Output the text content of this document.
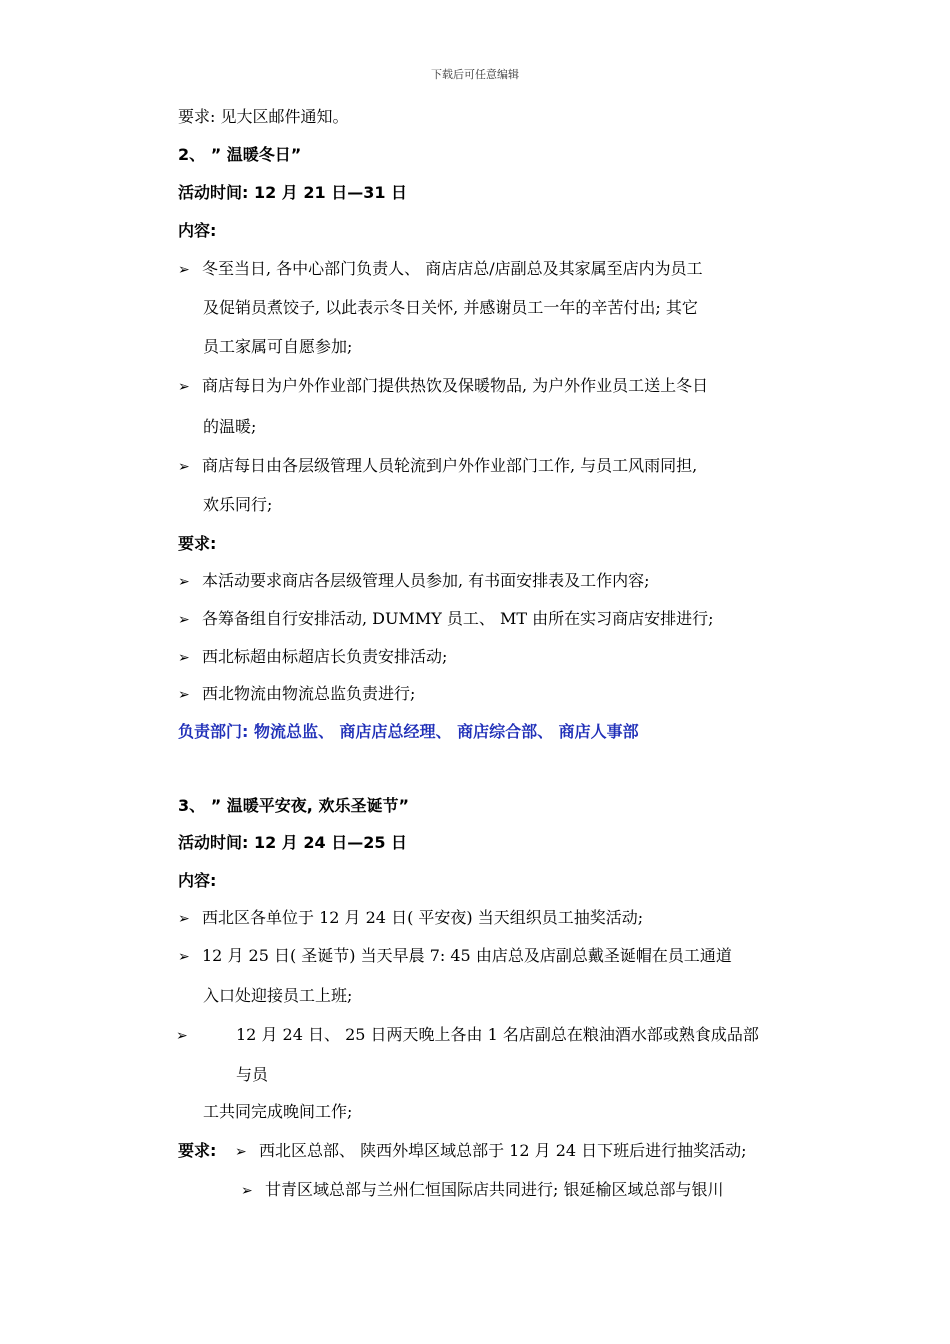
下载后可任意编辑
要求: 见大区邮件通知。
2、 ” 温暖冬日”
活动时间: 12 月 21 日—31 日
内容:
➢ 冬至当日, 各中心部门负责人、 商店店总/店副总及其家属至店内为员工
及促销员煮饺子, 以此表示冬日关怀, 并感谢员工一年的辛苦付出; 其它
员工家属可自愿参加;
➢ 商店每日为户外作业部门提供热饮及保暖物品, 为户外作业员工送上冬日
的温暖;
➢ 商店每日由各层级管理人员轮流到户外作业部门工作, 与员工风雨同担,
欢乐同行;
要求:
➢ 本活动要求商店各层级管理人员参加, 有书面安排表及工作内容;
➢ 各筹备组自行安排活动, DUMMY 员工、 MT 由所在实习商店安排进行;
➢ 西北标超由标超店长负责安排活动;
➢ 西北物流由物流总监负责进行;
负责部门: 物流总监、 商店店总经理、 商店综合部、 商店人事部
3、 ” 温暖平安夜, 欢乐圣诞节”
活动时间: 12 月 24 日—25 日
内容:
➢ 西北区各单位于 12 月 24 日( 平安夜) 当天组织员工抽奖活动;
➢ 12 月 25 日( 圣诞节) 当天早晨 7: 45 由店总及店副总戴圣诞帽在员工通道
入口处迎接员工上班;
➢	12 月 24 日、 25 日两天晚上各由 1 名店副总在粮油酒水部或熟食成品部
与员
工共同完成晚间工作;
要求: ➢ 西北区总部、 陕西外埠区域总部于 12 月 24 日下班后进行抽奖活动;
➢ 甘青区域总部与兰州仁恒国际店共同进行; 银延榆区域总部与银川
